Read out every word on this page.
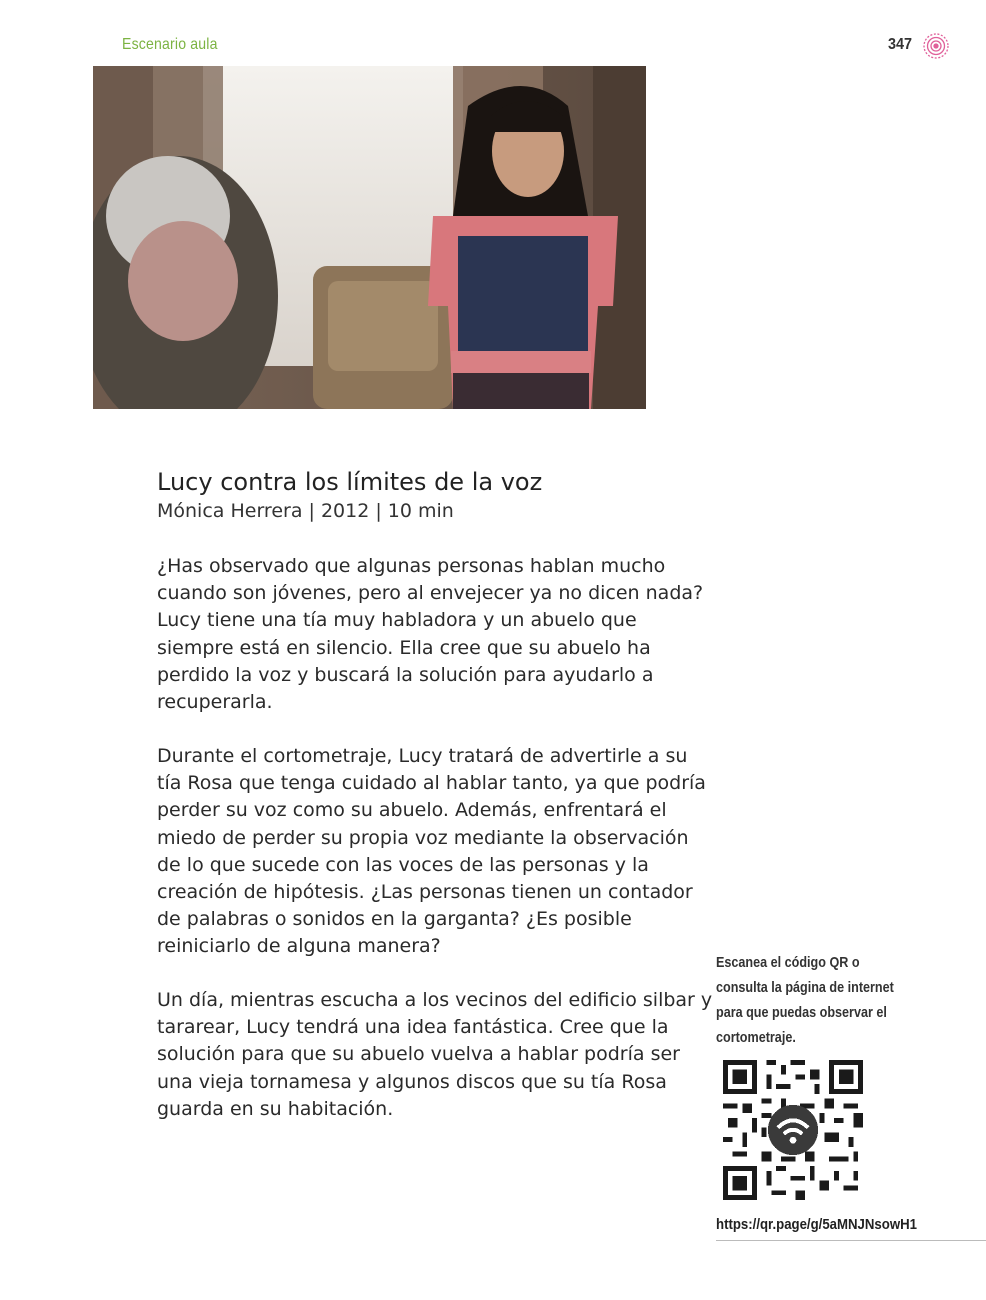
Escenario aula	347
Lucy contra los límites de la voz
Mónica Herrera | 2012 | 10 min

¿Has observado que algunas personas hablan mucho cuando son jóvenes, pero al envejecer ya no dicen nada? Lucy tiene una tía muy habladora y un abuelo que siempre está en silencio. Ella cree que su abuelo ha perdido la voz y buscará la solución para ayudarlo a recuperarla.

Durante el cortometraje, Lucy tratará de advertirle a su tía Rosa que tenga cuidado al hablar tanto, ya que podría perder su voz como su abuelo. Además, enfrentará el miedo de perder su propia voz mediante la observación de lo que sucede con las voces de las personas y la creación de hipótesis. ¿Las personas tienen un contador de palabras o sonidos en la garganta? ¿Es posible reiniciarlo de alguna manera?

Un día, mientras escucha a los vecinos del edificio silbar y tararear, Lucy tendrá una idea fantástica. Cree que la solución para que su abuelo vuelva a hablar podría ser una vieja tornamesa y algunos discos que su tía Rosa guarda en su habitación.

Escanea el código QR o consulta la página de internet para que puedas observar el cortometraje.
https://qr.page/g/5aMNJNsowH1
